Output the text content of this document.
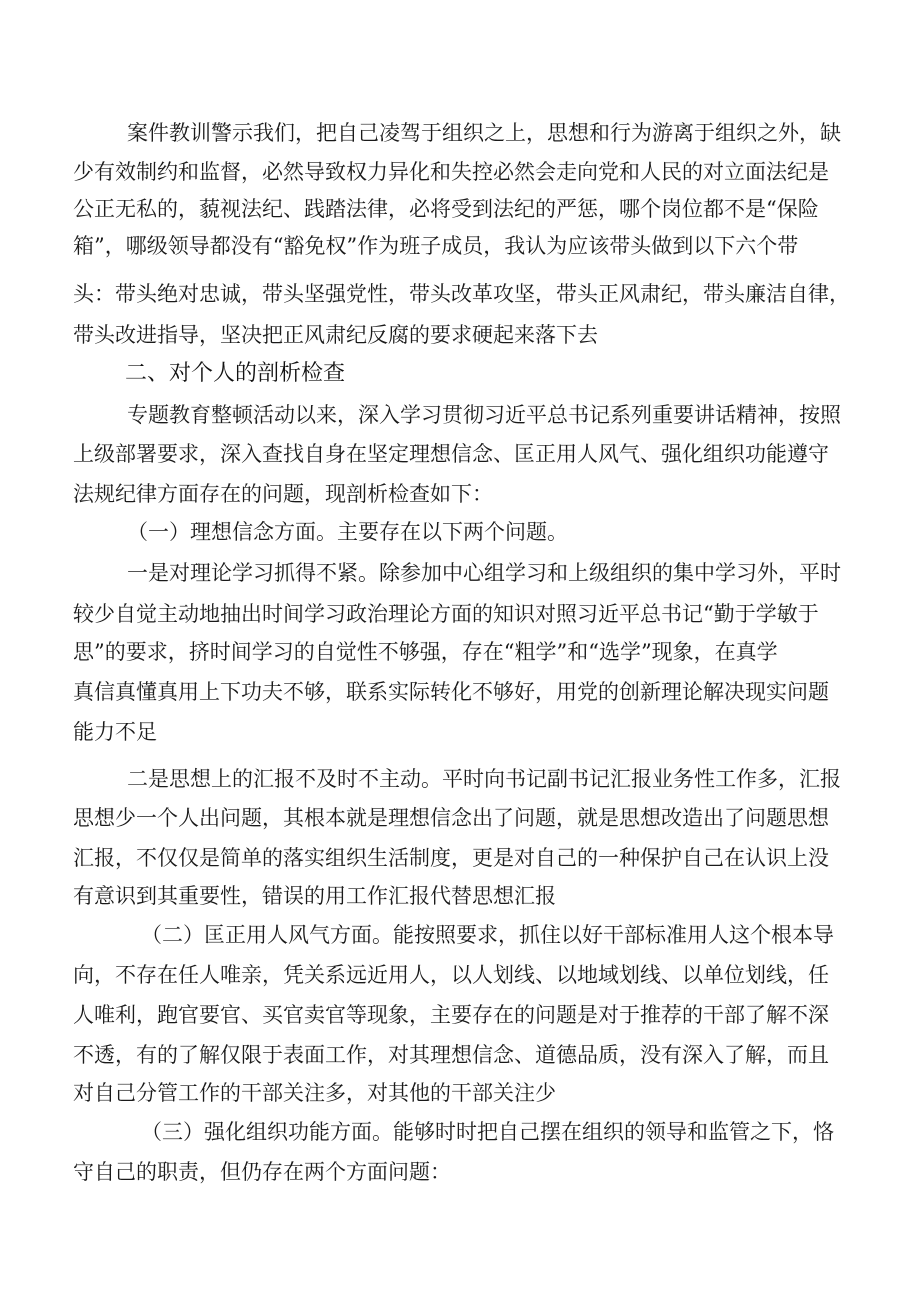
案件教训警示我们，把自己凌驾于组织之上，思想和行为游离于组织之外，缺
少有效制约和监督，必然导致权力异化和失控必然会走向党和人民的对立面法纪是
公正无私的，藐视法纪、践踏法律，必将受到法纪的严惩，哪个岗位都不是“保险
箱”，哪级领导都没有“豁免权”作为班子成员，我认为应该带头做到以下六个带
头：带头绝对忠诚，带头坚强党性，带头改革攻坚，带头正风肃纪，带头廉洁自律，
带头改进指导，坚决把正风肃纪反腐的要求硬起来落下去
二、对个人的剖析检查
专题教育整顿活动以来，深入学习贯彻习近平总书记系列重要讲话精神，按照
上级部署要求，深入查找自身在坚定理想信念、匡正用人风气、强化组织功能遵守
法规纪律方面存在的问题，现剖析检查如下：
（一）理想信念方面。主要存在以下两个问题。
一是对理论学习抓得不紧。除参加中心组学习和上级组织的集中学习外，平时
较少自觉主动地抽出时间学习政治理论方面的知识对照习近平总书记“勤于学敏于
思”的要求，挤时间学习的自觉性不够强，存在“粗学”和“选学”现象，在真学
真信真懂真用上下功夫不够，联系实际转化不够好，用党的创新理论解决现实问题
能力不足
二是思想上的汇报不及时不主动。平时向书记副书记汇报业务性工作多，汇报
思想少一个人出问题，其根本就是理想信念出了问题，就是思想改造出了问题思想
汇报，不仅仅是简单的落实组织生活制度，更是对自己的一种保护自己在认识上没
有意识到其重要性，错误的用工作汇报代替思想汇报
（二）匡正用人风气方面。能按照要求，抓住以好干部标准用人这个根本导
向，不存在任人唯亲，凭关系远近用人，以人划线、以地域划线、以单位划线，任
人唯利，跑官要官、买官卖官等现象，主要存在的问题是对于推荐的干部了解不深
不透，有的了解仅限于表面工作，对其理想信念、道德品质，没有深入了解，而且
对自己分管工作的干部关注多，对其他的干部关注少
（三）强化组织功能方面。能够时时把自己摆在组织的领导和监管之下，恪
守自己的职责，但仍存在两个方面问题：
